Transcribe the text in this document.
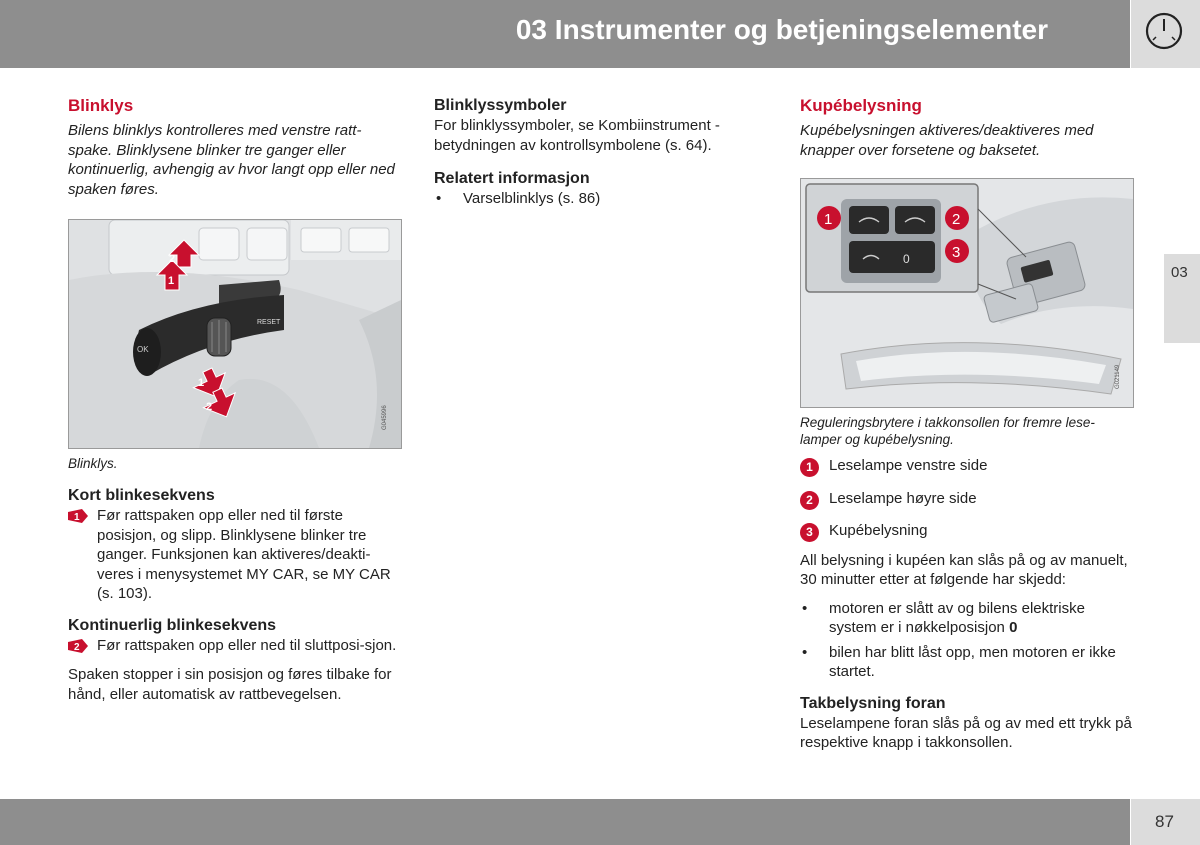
03 Instrumenter og betjeningselementer
03
Blinklys

Bilens blinklys kontrolleres med venstre ratt-spake. Blinklysene blinker tre ganger eller kontinuerlig, avhengig av hvor langt opp eller ned spaken føres.

RESET
OK
2
1
1
2	G045996

Blinklys.

Kort blinkesekvens
1 Før rattspaken opp eller ned til første posisjon, og slipp. Blinklysene blinker tre ganger. Funksjonen kan aktiveres/deakti-veres i menysystemet MY CAR, se MY CAR (s. 103).

Kontinuerlig blinkesekvens
2 Før rattspaken opp eller ned til sluttposi-sjon.

Spaken stopper i sin posisjon og føres tilbake for hånd, eller automatisk av rattbevegelsen.

Blinklyssymboler

For blinklyssymboler, se Kombiinstrument - betydningen av kontrollsymbolene (s. 64).

Relatert informasjon
• Varselblinklys (s. 86)
Kupébelysning

Kupébelysningen aktiveres/deaktiveres med knapper over forsetene og baksetet.

0
1	2
3
G021149

Reguleringsbrytere i takkonsollen for fremre lese-lamper og kupébelysning.

1	Leselampe venstre side
2	Leselampe høyre side
3	Kupébelysning

All belysning i kupéen kan slås på og av manuelt, 30 minutter etter at følgende har skjedd:

• motoren er slått av og bilens elektriske system er i nøkkelposisjon 0
• bilen har blitt låst opp, men motoren er ikke startet.
Takbelysning foran

Leselampene foran slås på og av med ett trykk på respektive knapp i takkonsollen.

87
